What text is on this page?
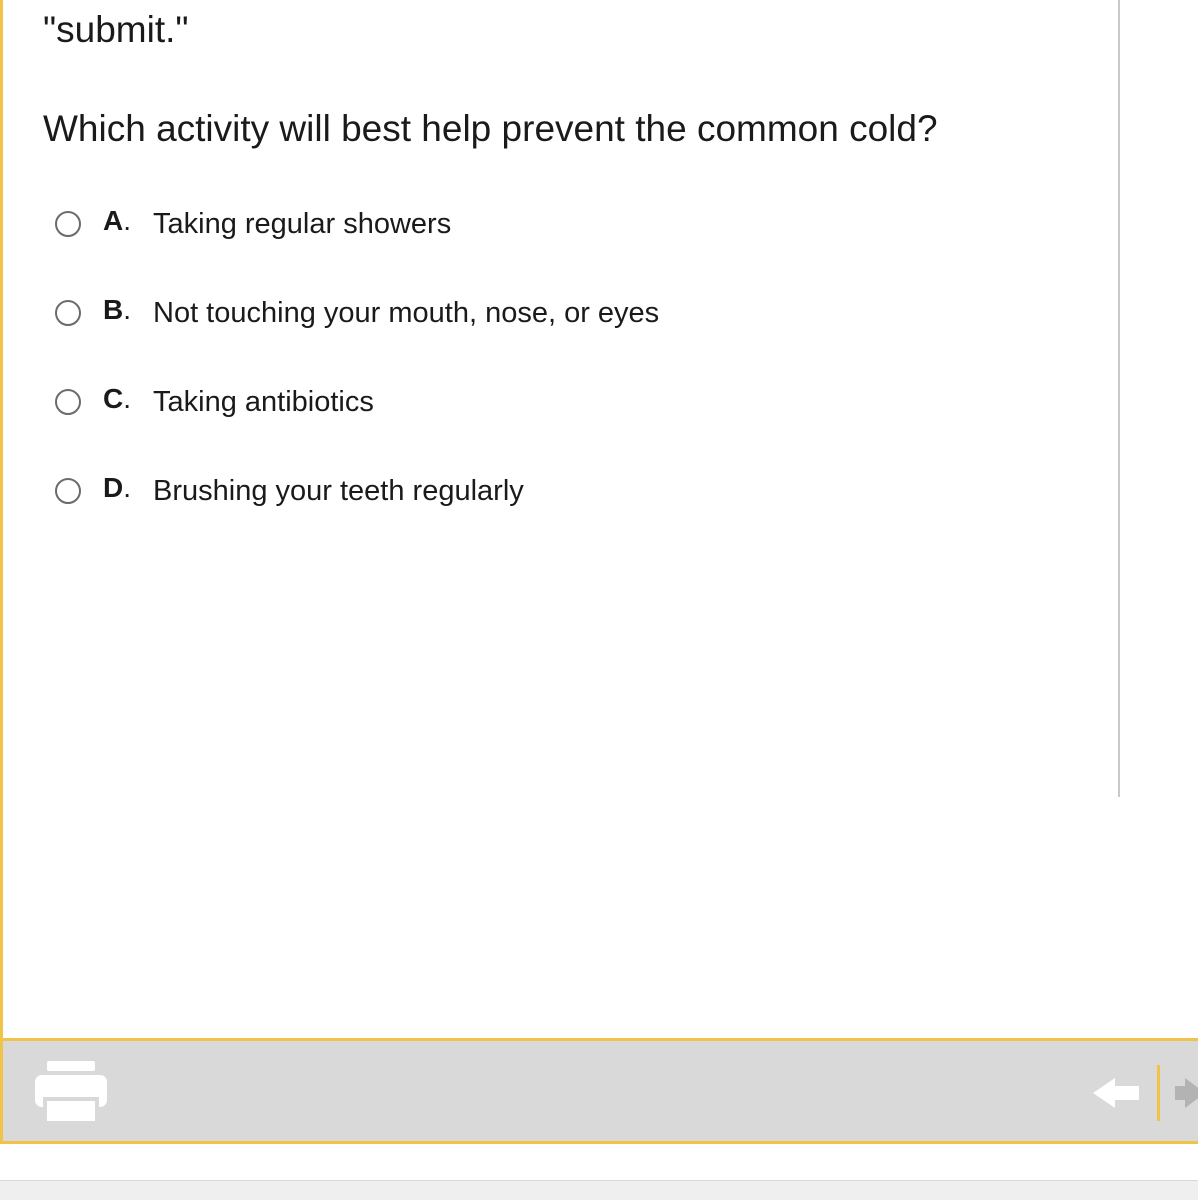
"submit."
Which activity will best help prevent the common cold?
A. Taking regular showers
B. Not touching your mouth, nose, or eyes
C. Taking antibiotics
D. Brushing your teeth regularly
